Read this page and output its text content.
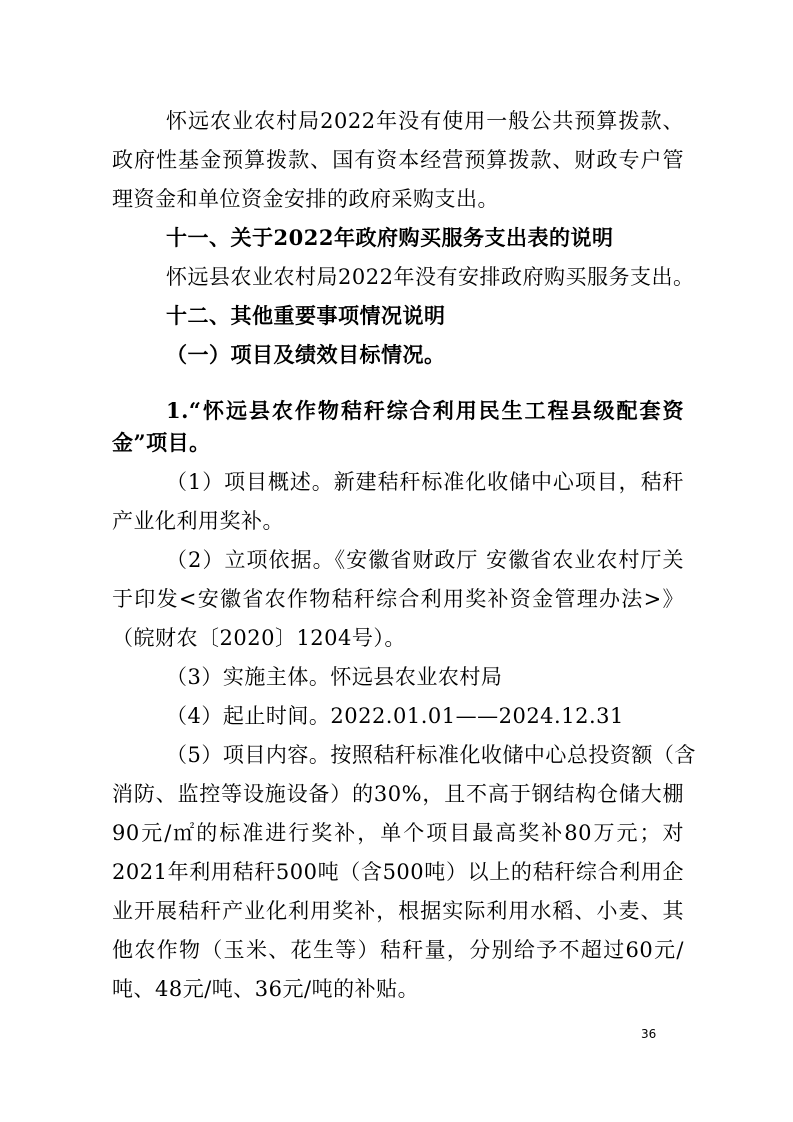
怀远农业农村局2022年没有使用一般公共预算拨款、
政府性基金预算拨款、国有资本经营预算拨款、财政专户管
理资金和单位资金安排的政府采购支出。
十一、关于2022年政府购买服务支出表的说明
怀远县农业农村局2022年没有安排政府购买服务支出。
十二、其他重要事项情况说明
（一）项目及绩效目标情况。
1.“怀远县农作物秸秆综合利用民生工程县级配套资
金”项目。
（1）项目概述。新建秸秆标准化收储中心项目，秸秆
产业化利用奖补。
（2）立项依据。《安徽省财政厅 安徽省农业农村厅关
于印发<安徽省农作物秸秆综合利用奖补资金管理办法>》
（皖财农〔2020〕1204号）。
（3）实施主体。怀远县农业农村局
（4）起止时间。2022.01.01——2024.12.31
（5）项目内容。按照秸秆标准化收储中心总投资额（含
消防、监控等设施设备）的30%，且不高于钢结构仓储大棚
90元/㎡的标准进行奖补，单个项目最高奖补80万元；对
2021年利用秸秆500吨（含500吨）以上的秸秆综合利用企
业开展秸秆产业化利用奖补，根据实际利用水稻、小麦、其
他农作物（玉米、花生等）秸秆量，分别给予不超过60元/
吨、48元/吨、36元/吨的补贴。
36
